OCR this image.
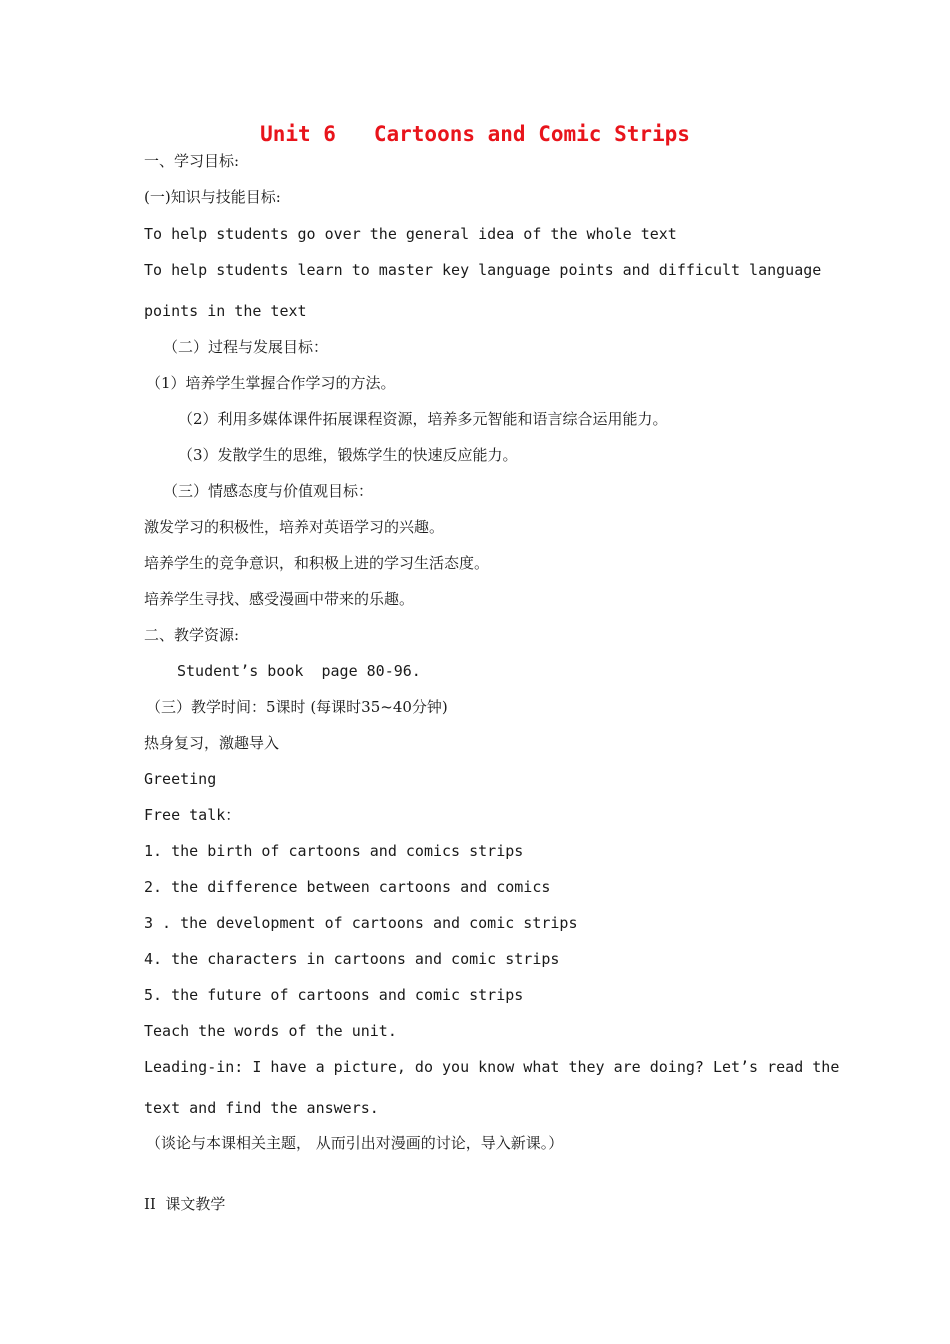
Unit 6   Cartoons and Comic Strips
一、学习目标:
(一)知识与技能目标:
To help students go over the general idea of the whole text
To help students learn to master key language points and difficult language
points in the text
（二）过程与发展目标：
（1）培养学生掌握合作学习的方法。
（2）利用多媒体课件拓展课程资源，培养多元智能和语言综合运用能力。
（3）发散学生的思维，锻炼学生的快速反应能力。
（三）情感态度与价值观目标：
激发学习的积极性，培养对英语学习的兴趣。
培养学生的竞争意识，和积极上进的学习生活态度。
培养学生寻找、感受漫画中带来的乐趣。
二、教学资源:
Student’s book  page 80-96.
（三）教学时间：5课时 (每课时35~40分钟)
热身复习，激趣导入
Greeting
Free talk：
1. the birth of cartoons and comics strips
2. the difference between cartoons and comics
3 . the development of cartoons and comic strips
4. the characters in cartoons and comic strips
5. the future of cartoons and comic strips
Teach the words of the unit.
Leading-in: I have a picture, do you know what they are doing? Let’s read the
text and find the answers.
（谈论与本课相关主题， 从而引出对漫画的讨论，导入新课。）
II  课文教学
